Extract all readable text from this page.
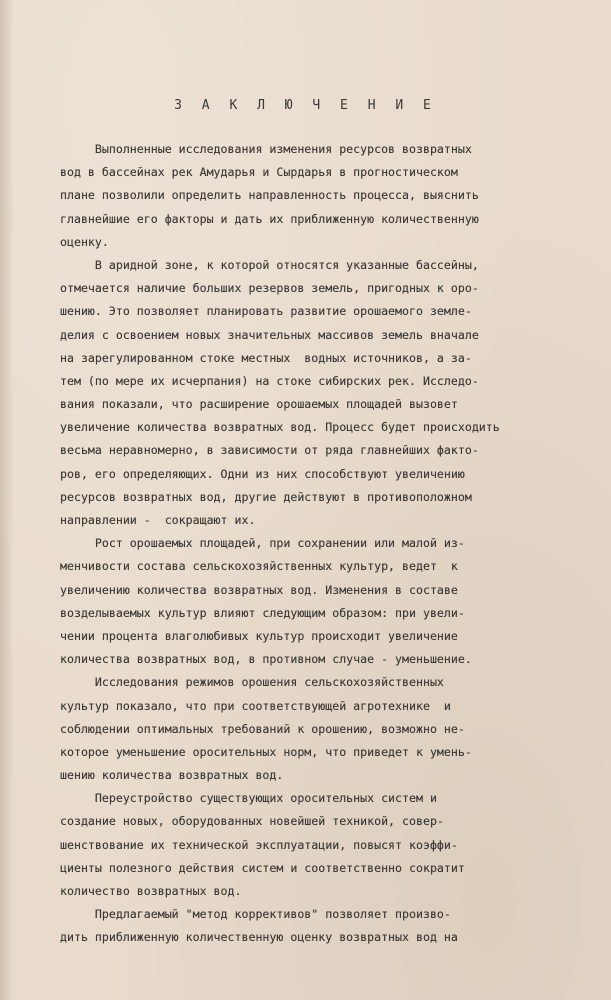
З А К Л Ю Ч Е Н И Е
Выполненные исследования изменения ресурсов возвратных
вод в бассейнах рек Амударья и Сырдарья в прогностическом
плане позволили определить направленность процесса, выяснить
главнейшие его факторы и дать их приближенную количественную
оценку.
В аридной зоне, к которой относятся указанные бассейны,
отмечается наличие больших резервов земель, пригодных к оро-
шению. Это позволяет планировать развитие орошаемого земле-
делия с освоением новых значительных массивов земель вначале
на зарегулированном стоке местных  водных источников, а за-
тем (по мере их исчерпания) на стоке сибирских рек. Исследо-
вания показали, что расширение орошаемых площадей вызовет
увеличение количества возвратных вод. Процесс будет происходить
весьма неравномерно, в зависимости от ряда главнейших факто-
ров, его определяющих. Одни из них способствуют увеличению
ресурсов возвратных вод, другие действуют в противоположном
направлении -  сокращают их.
Рост орошаемых площадей, при сохранении или малой из-
менчивости состава сельскохозяйственных культур, ведет  к
увеличению количества возвратных вод. Изменения в составе
возделываемых культур влияют следующим образом: при увели-
чении процента влаголюбивых культур происходит увеличение
количества возвратных вод, в противном случае - уменьшение.
Исследования режимов орошения сельскохозяйственных
культур показало, что при соответствующей агротехнике  и
соблюдении оптимальных требований к орошению, возможно не-
которое уменьшение оросительных норм, что приведет к умень-
шению количества возвратных вод.
Переустройство существующих оросительных систем и
создание новых, оборудованных новейшей техникой, совер-
шенствование их технической эксплуатации, повысят коэффи-
циенты полезного действия систем и соответственно сократит
количество возвратных вод.
Предлагаемый "метод коррективов" позволяет произво-
дить приближенную количественную оценку возвратных вод на
